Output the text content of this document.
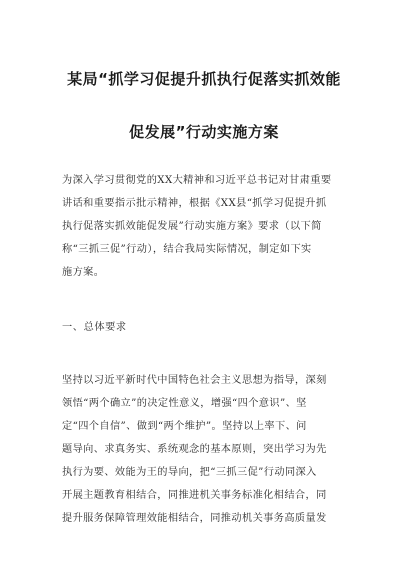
某局“抓学习促提升抓执行促落实抓效能
促发展”行动实施方案
为深入学习贯彻党的XX大精神和习近平总书记对甘肃重要
讲话和重要指示批示精神，根据《XX县“抓学习促提升抓
执行促落实抓效能促发展”行动实施方案》要求（以下简
称“三抓三促”行动），结合我局实际情况，制定如下实
施方案。
一、总体要求
坚持以习近平新时代中国特色社会主义思想为指导，深刻
领悟“两个确立”的决定性意义，增强“四个意识”、坚
定“四个自信”、做到“两个维护”。坚持以上率下、问
题导向、求真务实、系统观念的基本原则，突出学习为先
执行为要、效能为王的导向，把“三抓三促”行动同深入
开展主题教育相结合，同推进机关事务标准化相结合，同
提升服务保障管理效能相结合，同推动机关事务高质量发
